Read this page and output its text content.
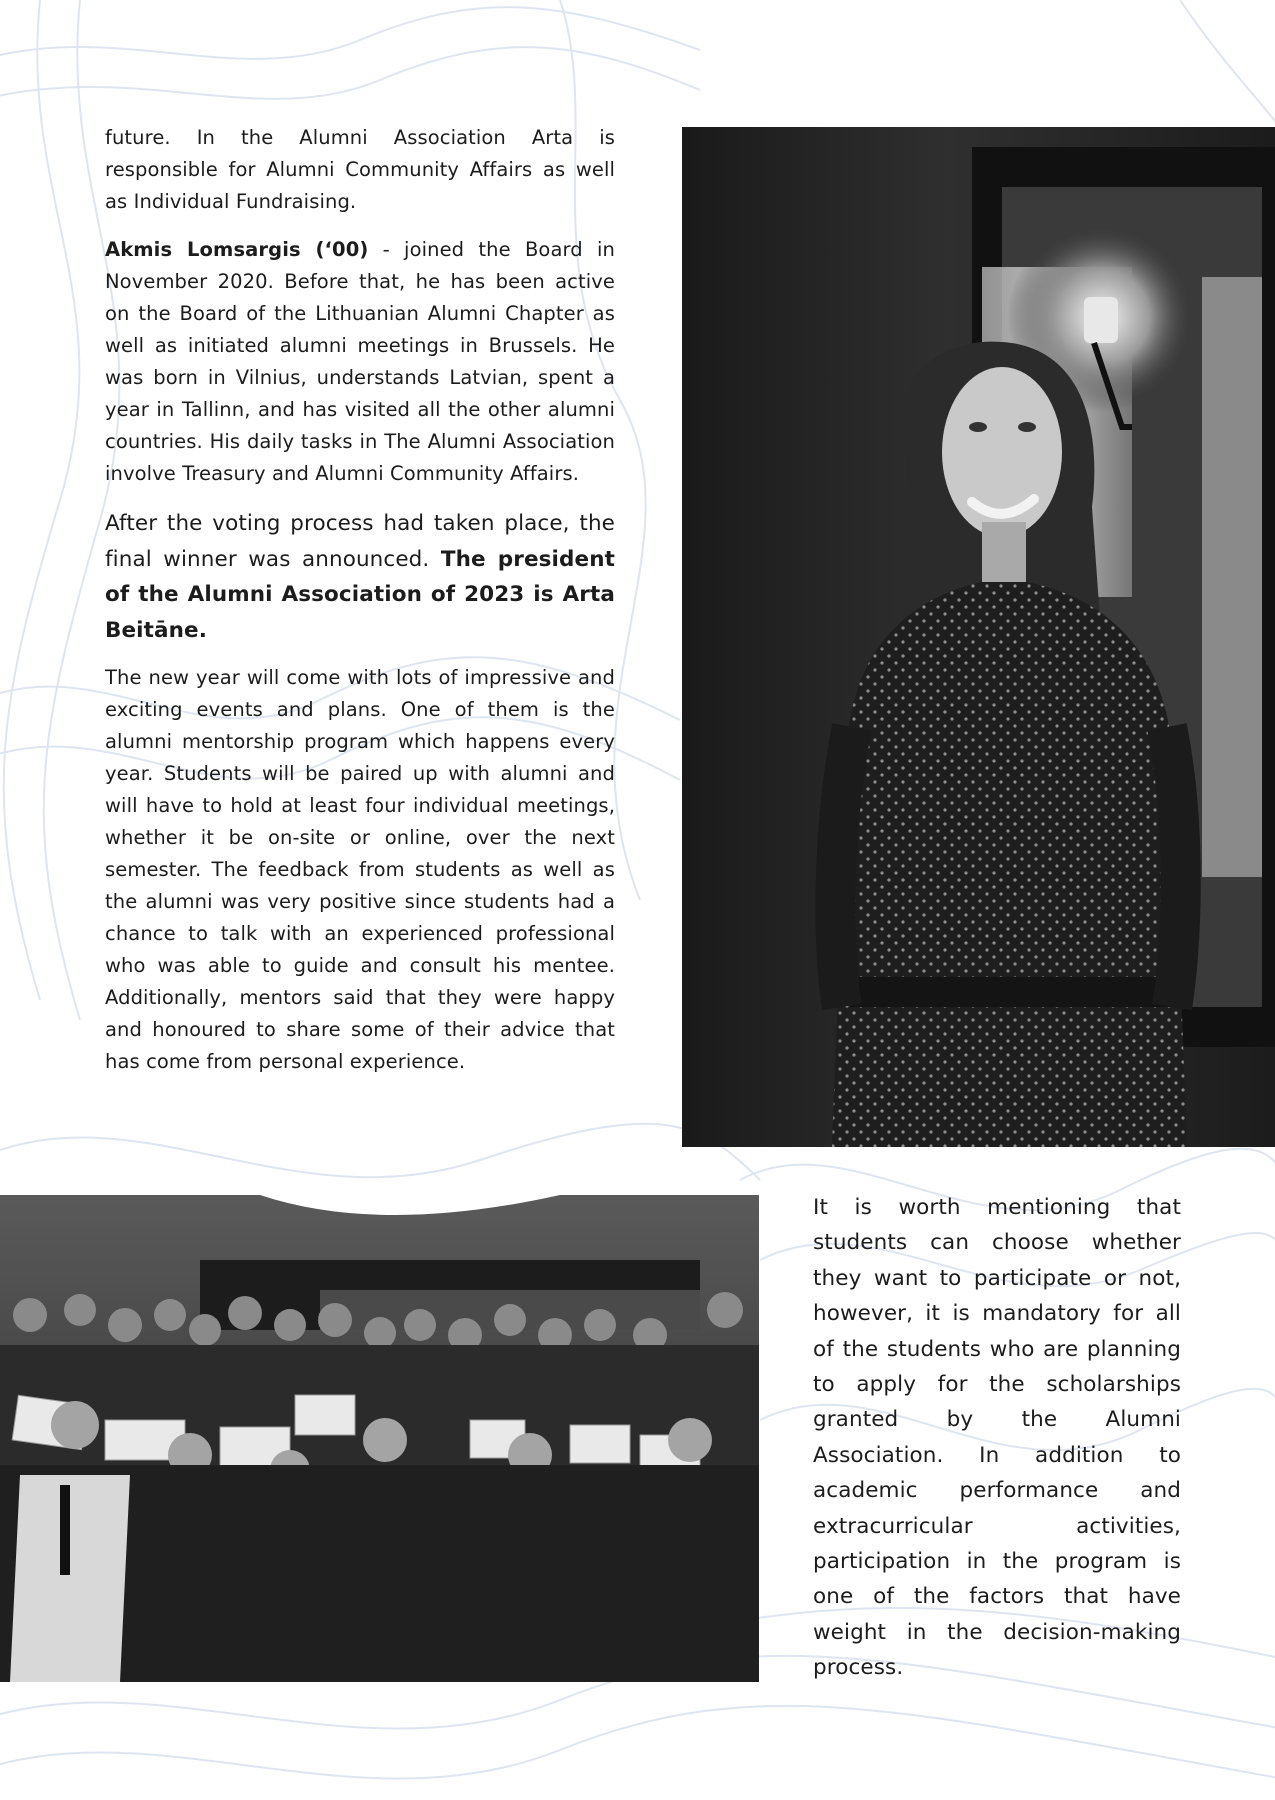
future. In the Alumni Association Arta is responsible for Alumni Community Affairs as well as Individual Fundraising.

Akmis Lomsargis (‘00) - joined the Board in November 2020. Before that, he has been active on the Board of the Lithuanian Alumni Chapter as well as initiated alumni meetings in Brussels. He was born in Vilnius, understands Latvian, spent a year in Tallinn, and has visited all the other alumni countries. His daily tasks in The Alumni Association involve Treasury and Alumni Community Affairs.

After the voting process had taken place, the final winner was announced. The president of the Alumni Association of 2023 is Arta Beitāne.

The new year will come with lots of impressive and exciting events and plans. One of them is the alumni mentorship program which happens every year. Students will be paired up with alumni and will have to hold at least four individual meetings, whether it be on-site or online, over the next semester. The feedback from students as well as the alumni was very positive since students had a chance to talk with an experienced professional who was able to guide and consult his mentee. Additionally, mentors said that they were happy and honoured to share some of their advice that has come from personal experience.

It is worth mentioning that students can choose whether they want to participate or not, however, it is mandatory for all of the students who are planning to apply for the scholarships granted by the Alumni Association. In addition to academic performance and extracurricular activities, participation in the program is one of the factors that have weight in the decision-making process.
